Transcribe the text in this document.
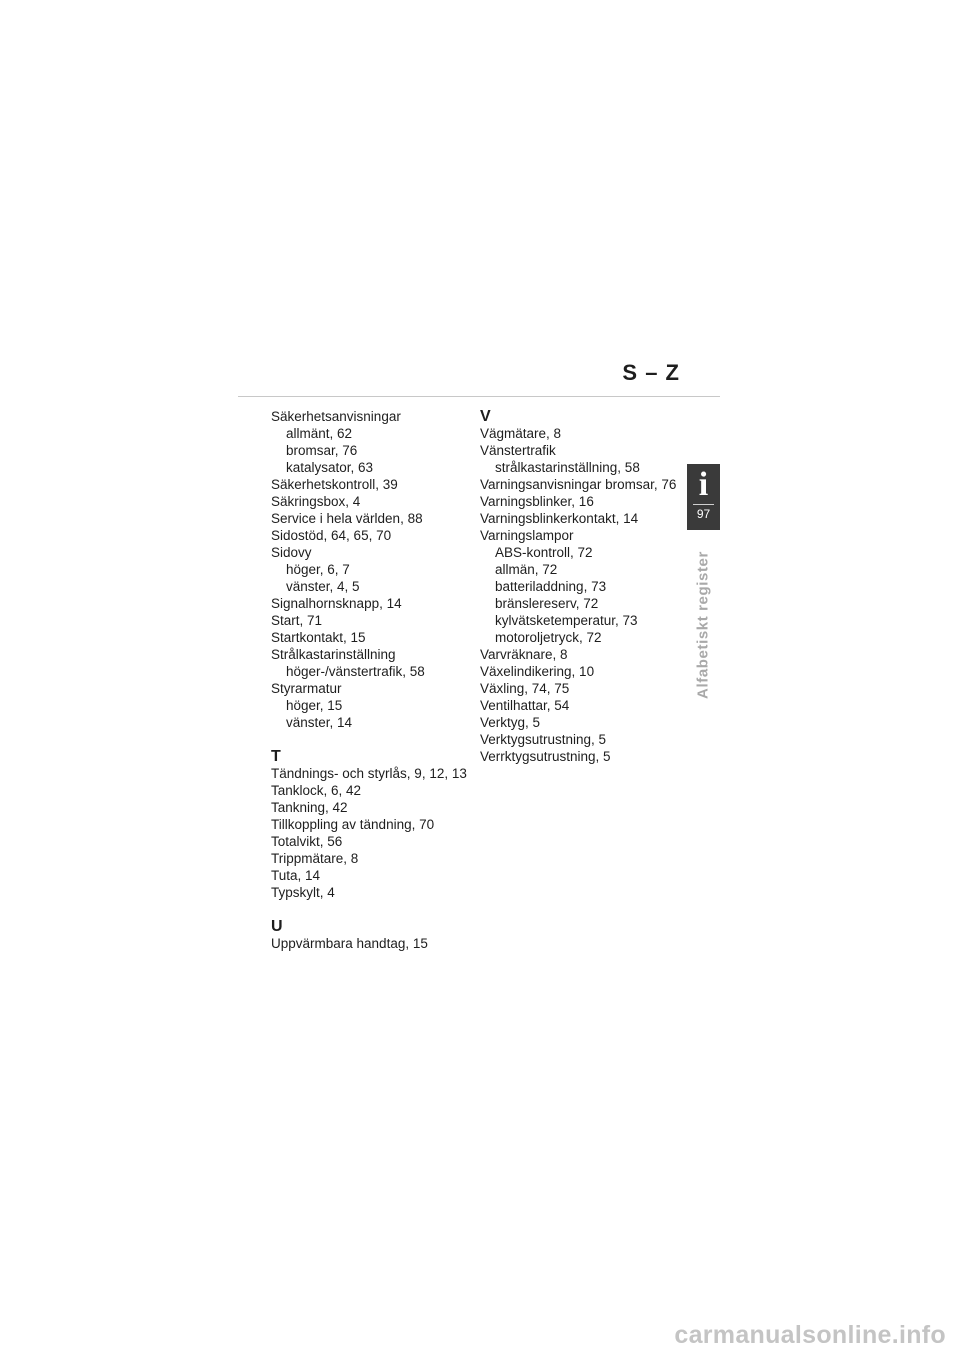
S – Z
Säkerhetsanvisningar
allmänt, 62
bromsar, 76
katalysator, 63
Säkerhetskontroll, 39
Säkringsbox, 4
Service i hela världen, 88
Sidostöd, 64, 65, 70
Sidovy
höger, 6, 7
vänster, 4, 5
Signalhornsknapp, 14
Start, 71
Startkontakt, 15
Strålkastarinställning
höger-/vänstertrafik, 58
Styrarmatur
höger, 15
vänster, 14
T
Tändnings- och styrlås, 9, 12, 13
Tanklock, 6, 42
Tankning, 42
Tillkoppling av tändning, 70
Totalvikt, 56
Trippmätare, 8
Tuta, 14
Typskylt, 4
U
Uppvärmbara handtag, 15
V
Vägmätare, 8
Vänstertrafik
strålkastarinställning, 58
Varningsanvisningar bromsar, 76
Varningsblinker, 16
Varningsblinkerkontakt, 14
Varningslampor
ABS-kontroll, 72
allmän, 72
batteriladdning, 73
bränslereserv, 72
kylvätsketemperatur, 73
motoroljetryck, 72
Varvräknare, 8
Växelindikering, 10
Växling, 74, 75
Ventilhattar, 54
Verktyg, 5
Verktygsutrustning, 5
Verrktygsutrustning, 5
i
97
Alfabetiskt register
carmanualsonline.info
